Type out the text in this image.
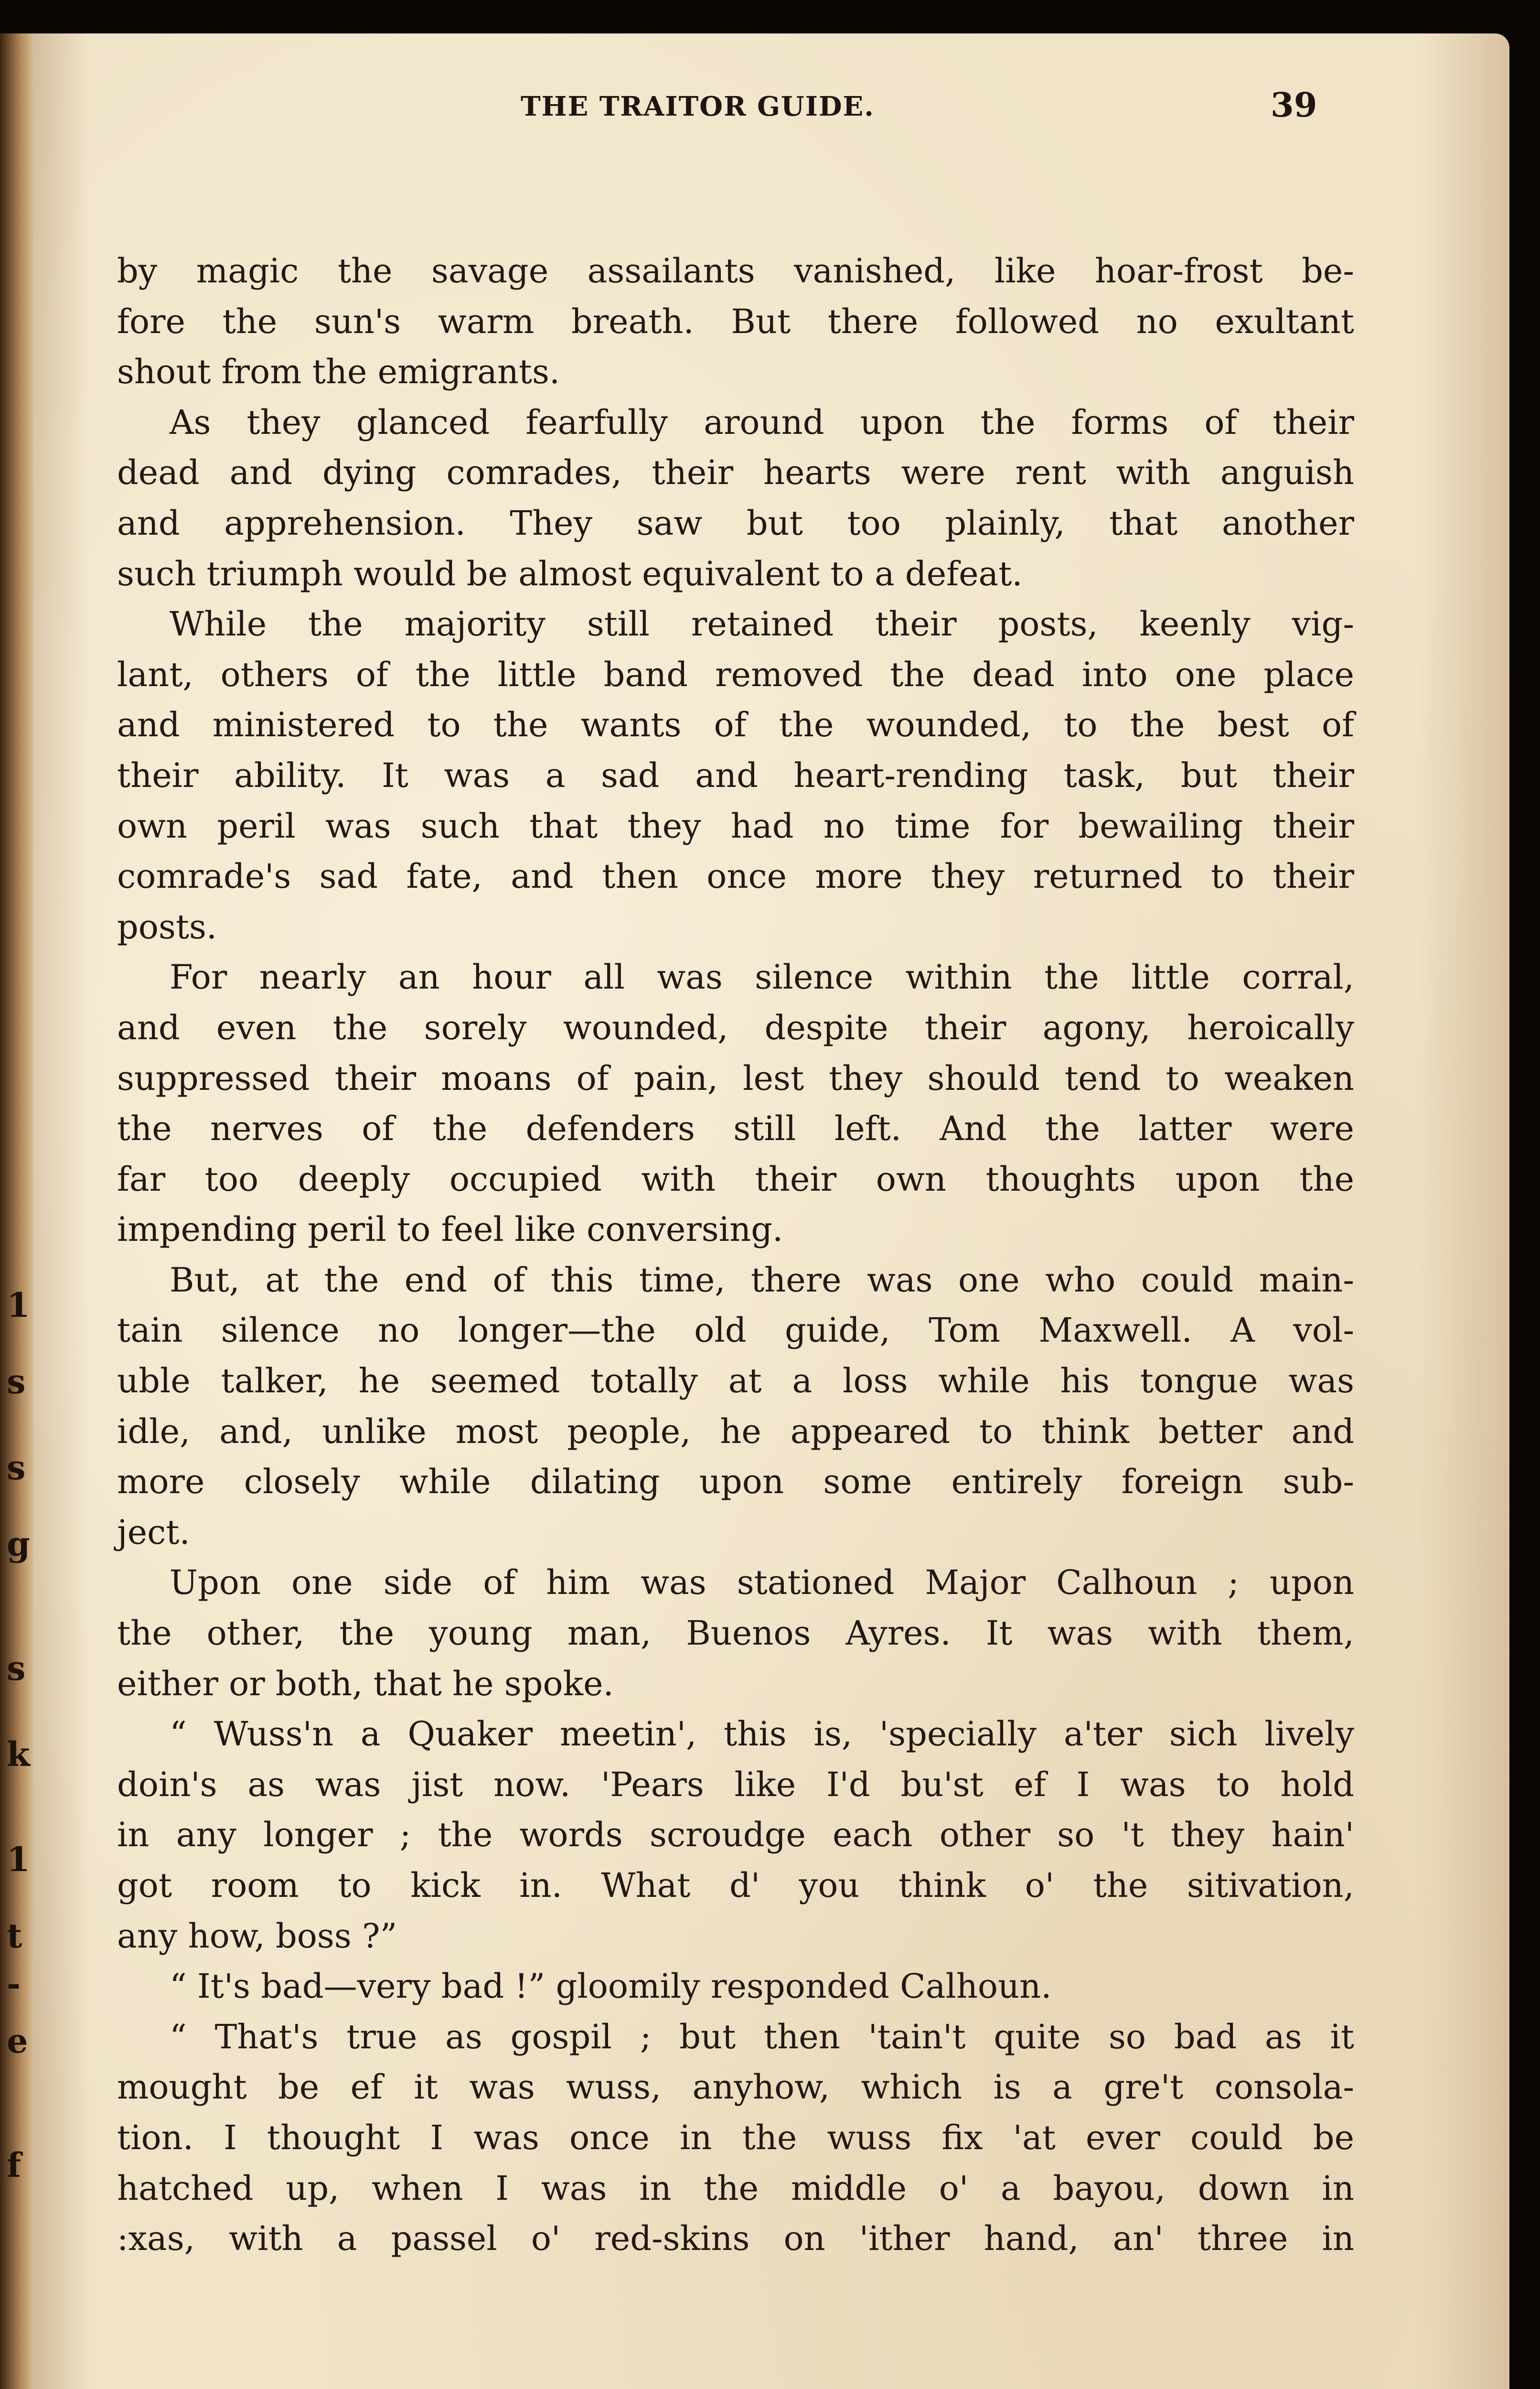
1
s
s
g
s
k
1
t
-
e
f
THE TRAITOR GUIDE.	39
by magic the savage assailants vanished, like hoar-frost be-
fore the sun's warm breath. But there followed no exultant
shout from the emigrants.
As they glanced fearfully around upon the forms of their
dead and dying comrades, their hearts were rent with anguish
and apprehension. They saw but too plainly, that another
such triumph would be almost equivalent to a defeat.
While the majority still retained their posts, keenly vig-
lant, others of the little band removed the dead into one place
and ministered to the wants of the wounded, to the best of
their ability. It was a sad and heart-rending task, but their
own peril was such that they had no time for bewailing their
comrade's sad fate, and then once more they returned to their
posts.
For nearly an hour all was silence within the little corral,
and even the sorely wounded, despite their agony, heroically
suppressed their moans of pain, lest they should tend to weaken
the nerves of the defenders still left. And the latter were
far too deeply occupied with their own thoughts upon the
impending peril to feel like conversing.
But, at the end of this time, there was one who could main-
tain silence no longer—the old guide, Tom Maxwell. A vol-
uble talker, he seemed totally at a loss while his tongue was
idle, and, unlike most people, he appeared to think better and
more closely while dilating upon some entirely foreign sub-
ject.
Upon one side of him was stationed Major Calhoun ; upon
the other, the young man, Buenos Ayres. It was with them,
either or both, that he spoke.
“ Wuss'n a Quaker meetin', this is, 'specially a'ter sich lively
doin's as was jist now. 'Pears like I'd bu'st ef I was to hold
in any longer ; the words scroudge each other so 't they hain'
got room to kick in. What d' you think o' the sitivation,
any how, boss ?”
“ It's bad—very bad !” gloomily responded Calhoun.
“ That's true as gospil ; but then 'tain't quite so bad as it
mought be ef it was wuss, anyhow, which is a gre't consola-
tion. I thought I was once in the wuss fix 'at ever could be
hatched up, when I was in the middle o' a bayou, down in
:xas, with a passel o' red-skins on 'ither hand, an' three in
